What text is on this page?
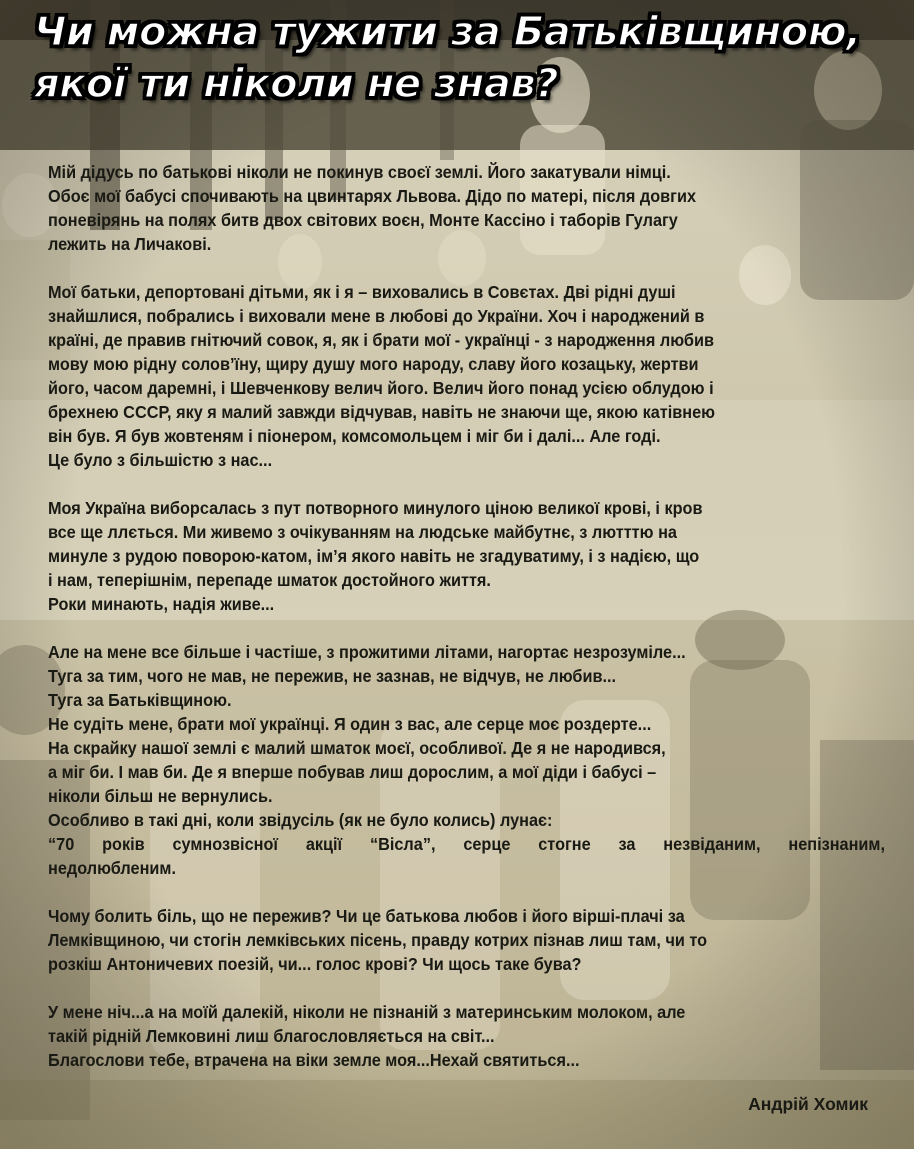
Чи можна тужити за Батьківщиною,
якої ти ніколи не знав?

Мій дідусь по батькові ніколи не покинув своєї землі. Його закатували німці.
Обоє мої бабусі спочивають на цвинтарях Львова. Дідо по матері, після довгих
поневірянь на полях битв двох світових воєн, Монте Кассіно і таборів Гулагу
лежить на Личакові.

Мої батьки, депортовані дітьми, як і я – виховались в Совєтах. Дві рідні душі
знайшлися, побрались і виховали мене в любові до України. Хоч і народжений в
країні, де правив гнітючий совок, я, як і брати мої - українці - з народження любив
мову мою рідну солов’їну, щиру душу мого народу, славу його козацьку, жертви
його, часом даремні, і Шевченкову велич його. Велич його понад усією облудою і
брехнею СССР, яку я малий завжди відчував, навіть не знаючи ще, якою катівнею
він був. Я був жовтеням і піонером, комсомольцем і міг би і далі... Але годі.
Це було з більшістю з нас...

Моя Україна виборсалась з пут потворного минулого ціною великої крові, і кров
все ще ллється. Ми живемо з очікуванням на людське майбутнє, з лютттю на
минуле з рудою поворою-катом, ім’я якого навіть не згадуватиму, і з надією, що
і нам, теперішнім, перепаде шматок достойного життя.
Роки минають, надія живе...

Але на мене все більше і частіше, з прожитими літами, нагортає незрозуміле...
Туга за тим, чого не мав, не пережив, не зазнав, не відчув, не любив...
Туга за Батьківщиною.
Не судіть мене, брати мої українці. Я один з вас, але серце моє роздерте...
На скрайку нашої землі є малий шматок моєї, особливої. Де я не народився,
а міг би. І мав би. Де я вперше побував лиш дорослим, а мої діди і бабусі –
ніколи більш не вернулись.
Особливо в такі дні, коли звідусіль (як не було колись) лунає:
“70 років сумнозвісної акції “Вісла”, серце стогне за незвіданим, непізнаним,
недолюбленим.

Чому болить біль, що не пережив? Чи це батькова любов і його вірші-плачі за
Лемківщиною, чи стогін лемківських пісень, правду котрих пізнав лиш там, чи то
розкіш Антоничевих поезій, чи... голос крові? Чи щось таке бува?

У мене ніч...а на моїй далекій, ніколи не пізнаній з материнським молоком, але
такій рідній Лемковині лиш благословляється на світ...
Благослови тебе, втрачена на віки земле моя...Нехай святиться...

Андрій Хомик
